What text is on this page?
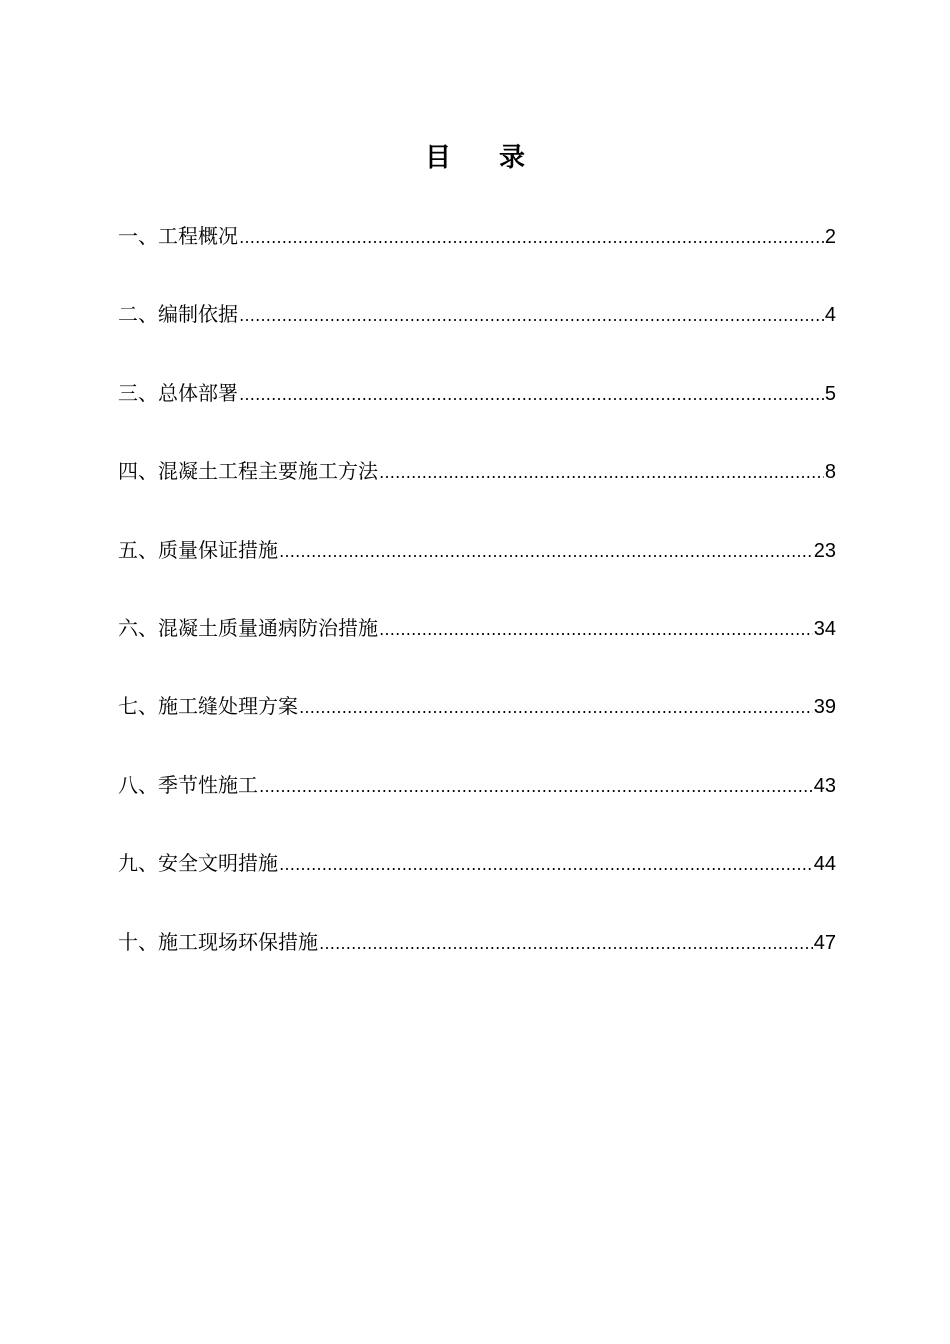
目 录
一、工程概况 ……………………………………………………………………………………………………………………………………………………………………………………………………………………	2
二、编制依据 ……………………………………………………………………………………………………………………………………………………………………………………………………………………	4
三、总体部署 ……………………………………………………………………………………………………………………………………………………………………………………………………………………	5
四、混凝土工程主要施工方法 ……………………………………………………………………………………………………………………………………………………………………………………………………………………	8
五、质量保证措施 ……………………………………………………………………………………………………………………………………………………………………………………………………………………	23
六、混凝土质量通病防治措施 ……………………………………………………………………………………………………………………………………………………………………………………………………………………	34
七、施工缝处理方案 ……………………………………………………………………………………………………………………………………………………………………………………………………………………	39
八、季节性施工 ……………………………………………………………………………………………………………………………………………………………………………………………………………………	43
九、安全文明措施 ……………………………………………………………………………………………………………………………………………………………………………………………………………………	44
十、施工现场环保措施 ……………………………………………………………………………………………………………………………………………………………………………………………………………………	47
